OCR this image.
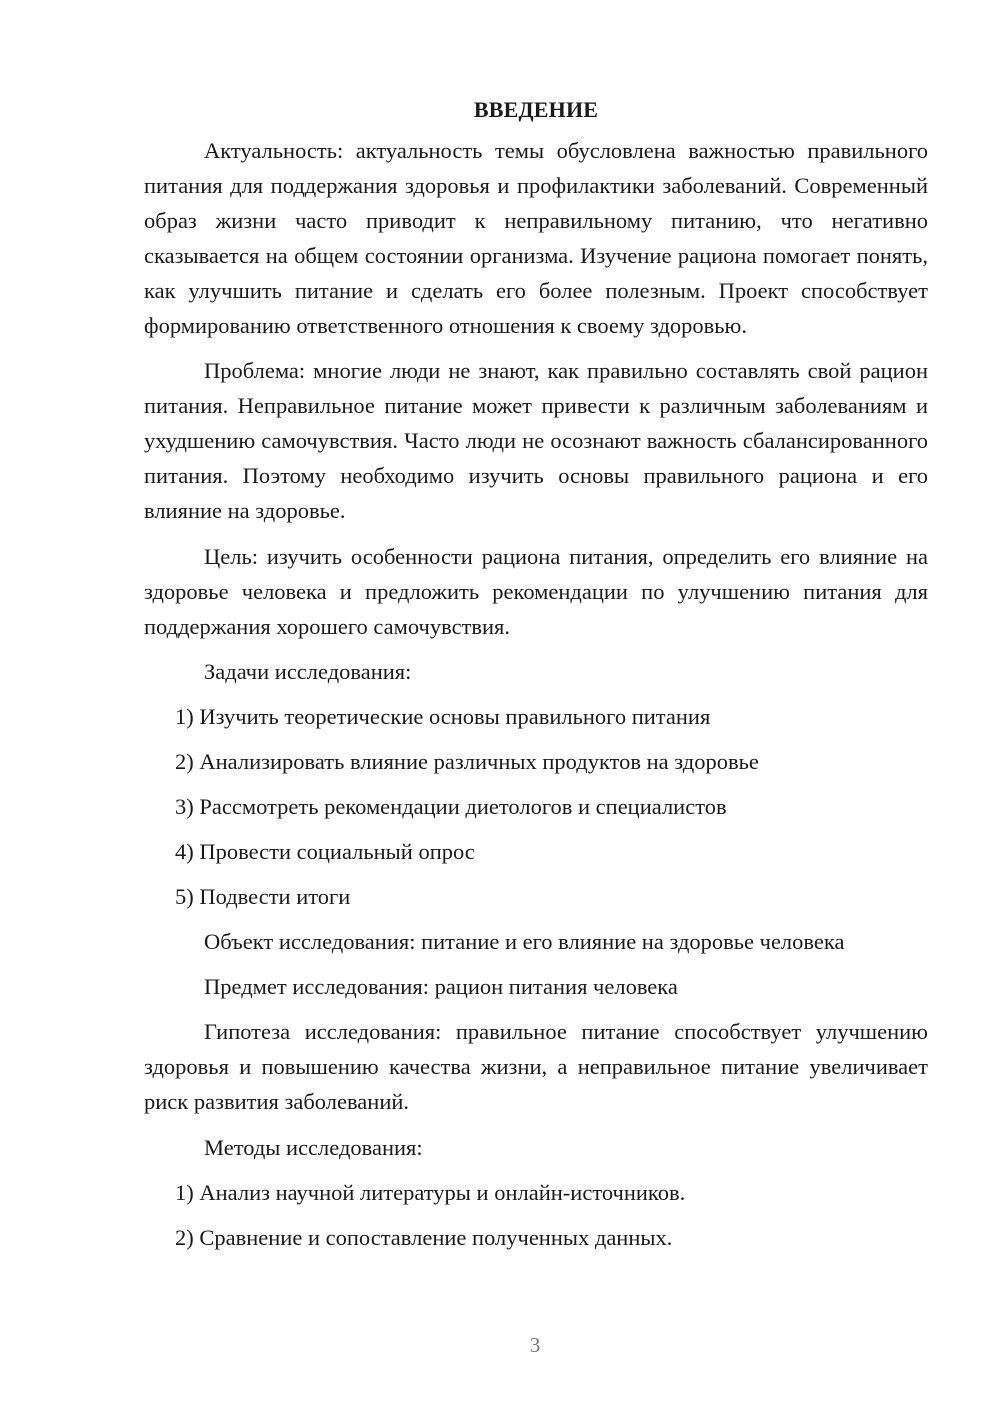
ВВЕДЕНИЕ

Актуальность: актуальность темы обусловлена важностью правильного питания для поддержания здоровья и профилактики заболеваний. Современный образ жизни часто приводит к неправильному питанию, что негативно сказывается на общем состоянии организма. Изучение рациона помогает понять, как улучшить питание и сделать его более полезным. Проект способствует формированию ответственного отношения к своему здоровью.

Проблема: многие люди не знают, как правильно составлять свой рацион питания. Неправильное питание может привести к различным заболеваниям и ухудшению самочувствия. Часто люди не осознают важность сбалансированного питания. Поэтому необходимо изучить основы правильного рациона и его влияние на здоровье.

Цель: изучить особенности рациона питания, определить его влияние на здоровье человека и предложить рекомендации по улучшению питания для поддержания хорошего самочувствия.

Задачи исследования:

1) Изучить теоретические основы правильного питания

2) Анализировать влияние различных продуктов на здоровье

3) Рассмотреть рекомендации диетологов и специалистов

4) Провести социальный опрос

5) Подвести итоги

Объект исследования: питание и его влияние на здоровье человека

Предмет исследования: рацион питания человека

Гипотеза исследования: правильное питание способствует улучшению здоровья и повышению качества жизни, а неправильное питание увеличивает риск развития заболеваний.

Методы исследования:

1) Анализ научной литературы и онлайн-источников.

2) Сравнение и сопоставление полученных данных.

3
